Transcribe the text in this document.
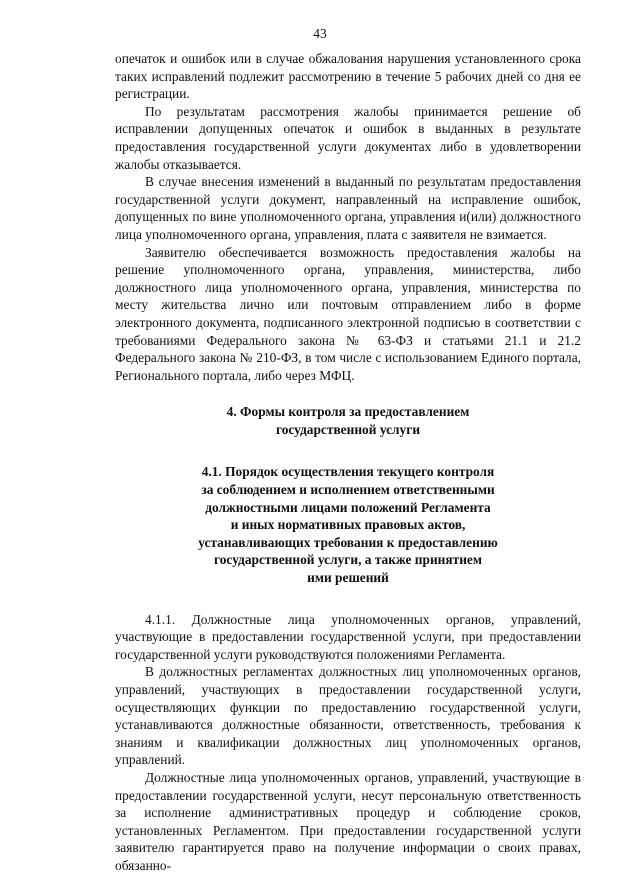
43

опечаток и ошибок или в случае обжалования нарушения установленного срока таких исправлений подлежит рассмотрению в течение 5 рабочих дней со дня ее регистрации.

По результатам рассмотрения жалобы принимается решение об исправлении допущенных опечаток и ошибок в выданных в результате предоставления государственной услуги документах либо в удовлетворении жалобы отказывается.

В случае внесения изменений в выданный по результатам предоставления государственной услуги документ, направленный на исправление ошибок, допущенных по вине уполномоченного органа, управления и(или) должностного лица уполномоченного органа, управления, плата с заявителя не взимается.

Заявителю обеспечивается возможность предоставления жалобы на решение уполномоченного органа, управления, министерства, либо должностного лица уполномоченного органа, управления, министерства по месту жительства лично или почтовым отправлением либо в форме электронного документа, подписанного электронной подписью в соответствии с требованиями Федерального закона № 63-ФЗ и статьями 21.1 и 21.2 Федерального закона № 210-ФЗ, в том числе с использованием Единого портала, Регионального портала, либо через МФЦ.

4. Формы контроля за предоставлением
государственной услуги
4.1. Порядок осуществления текущего контроля
за соблюдением и исполнением ответственными
должностными лицами положений Регламента
и иных нормативных правовых актов,
устанавливающих требования к предоставлению
государственной услуги, а также принятием
ими решений

4.1.1. Должностные лица уполномоченных органов, управлений, участвующие в предоставлении государственной услуги, при предоставлении государственной услуги руководствуются положениями Регламента.

В должностных регламентах должностных лиц уполномоченных органов, управлений, участвующих в предоставлении государственной услуги, осуществляющих функции по предоставлению государственной услуги, устанавливаются должностные обязанности, ответственность, требования к знаниям и квалификации должностных лиц уполномоченных органов, управлений.

Должностные лица уполномоченных органов, управлений, участвующие в предоставлении государственной услуги, несут персональную ответственность за исполнение административных процедур и соблюдение сроков, установленных Регламентом. При предоставлении государственной услуги заявителю гарантируется право на получение информации о своих правах, обязанно-
